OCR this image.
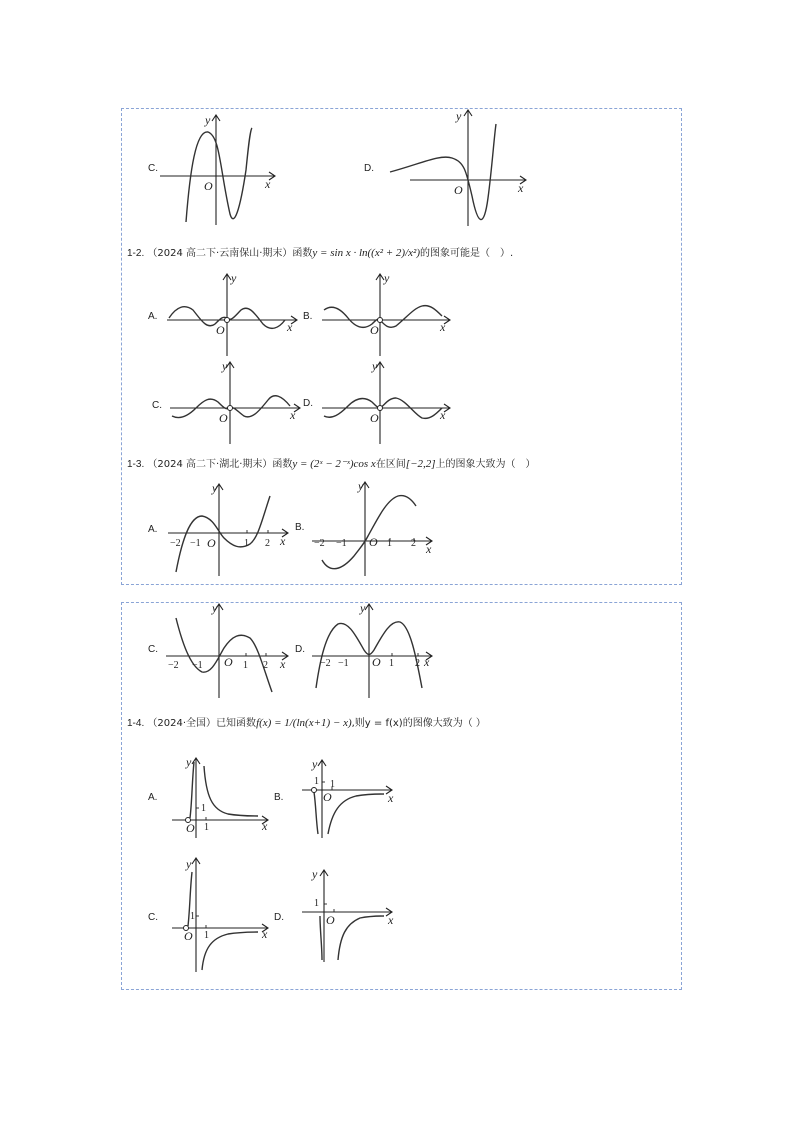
C.
y
x
O
D.
y
x
O
1-2. （2024 高二下·云南保山·期末）函数y = sin x · ln((x² + 2)/x²)的图象可能是（　）.
A.
y
x
O
B.
y
x
O
C.
y
x
O
D.
y
x
O
1-3. （2024 高二下·湖北·期末）函数y = (2ˣ − 2⁻ˣ)cos x在区间[−2,2]上的图象大致为（　）
A.
y
x
O
−2 −1	1 2
B.
y
x
O
−2 −1	1 2
C.
y
x
O
−2 −1	1 2
D.
y
x
O
−2 −1	1 2
1-4. （2024·全国）已知函数f(x) = 1/(ln(x+1) − x),则y = f(x)的图像大致为（ ）
A.
y
x
O
1
1
B.
y
x
O
1 1
C.
y
x
O
1
1
D.
y
x
O
1
